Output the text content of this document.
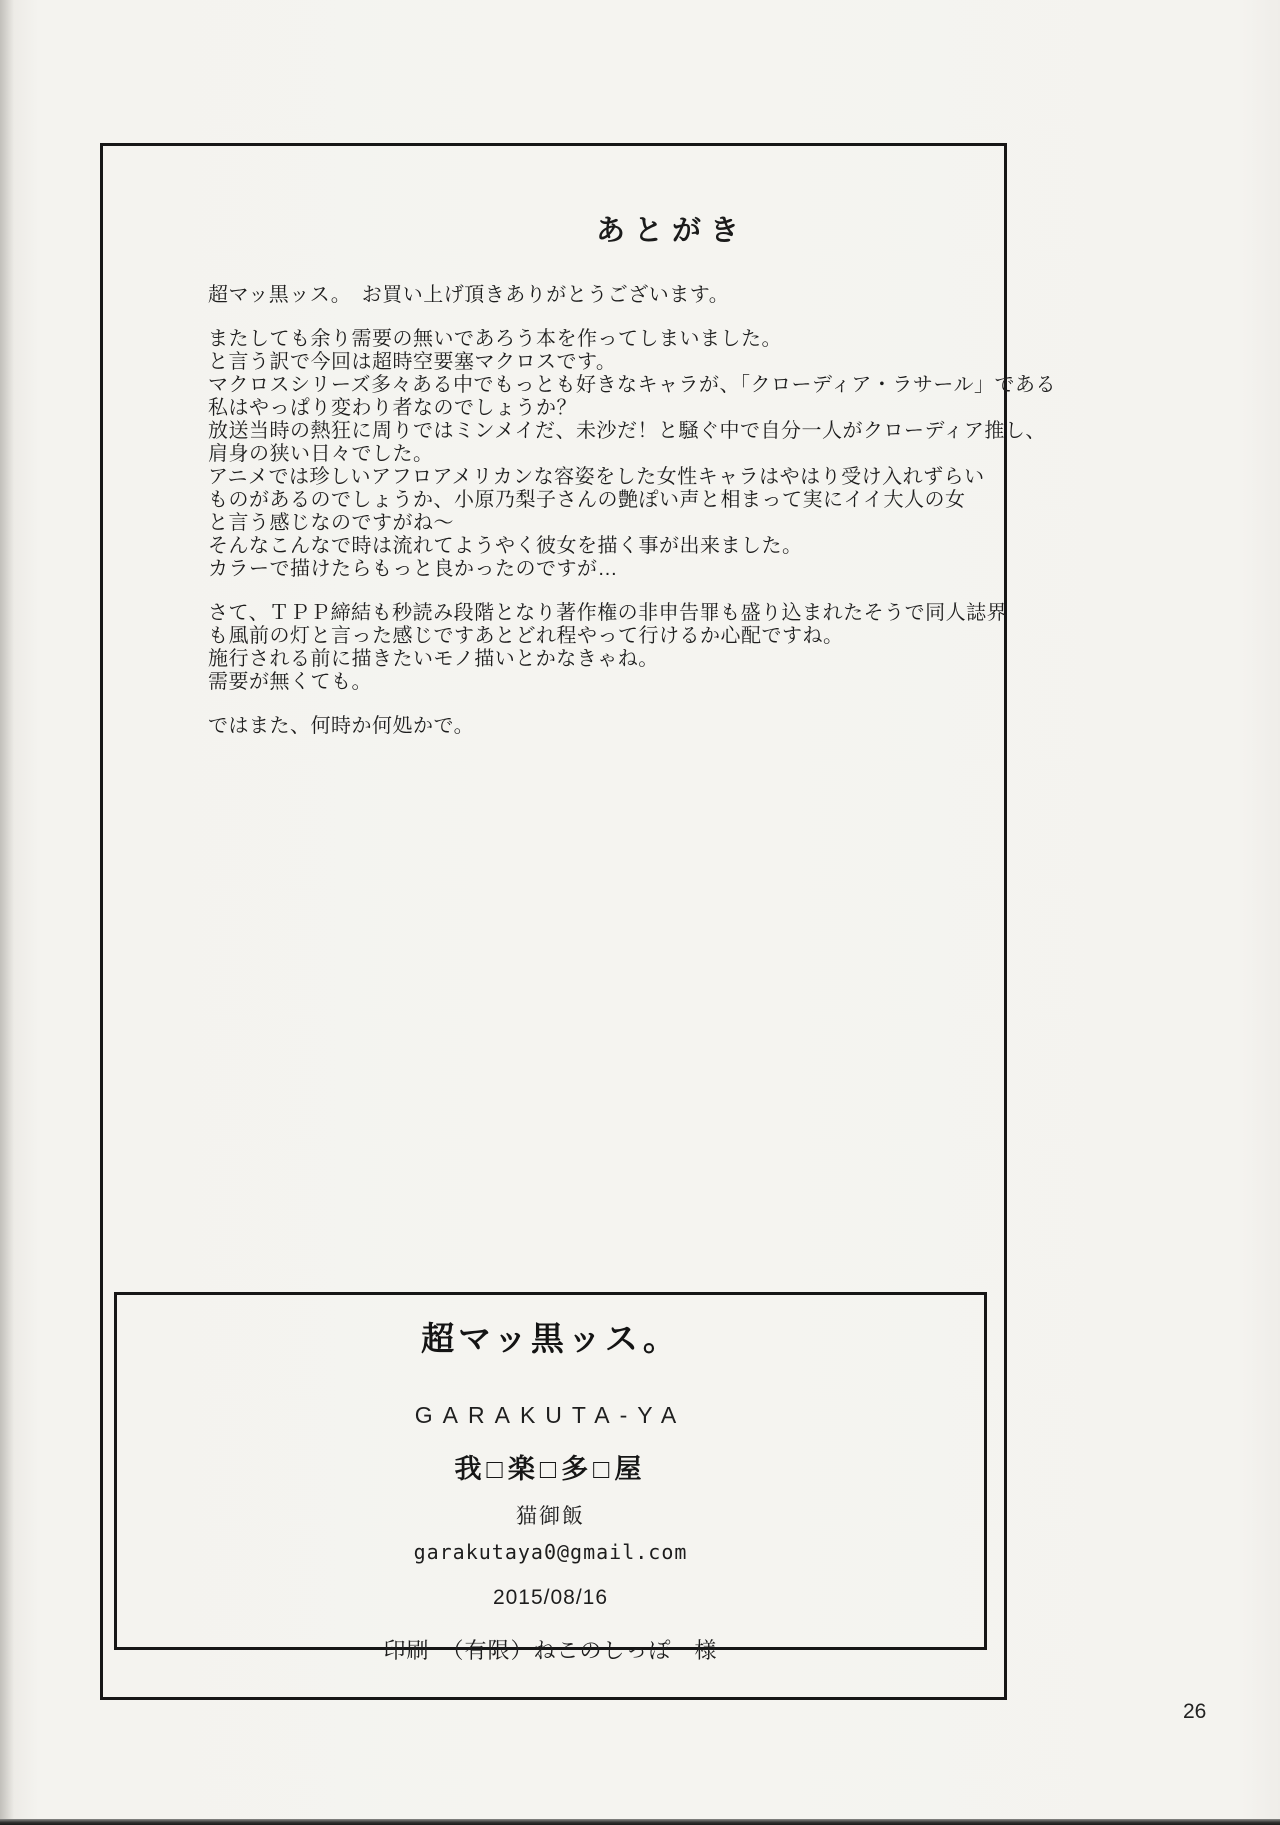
あとがき
超マッ黒ッス。　お買い上げ頂きありがとうございます。
またしても余り需要の無いであろう本を作ってしまいました。
と言う訳で今回は超時空要塞マクロスです。
マクロスシリーズ多々ある中でもっとも好きなキャラが、「クローディア・ラサール」である
私はやっぱり変わり者なのでしょうか？
放送当時の熱狂に周りではミンメイだ、未沙だ！と騒ぐ中で自分一人がクローディア推し、
肩身の狭い日々でした。
アニメでは珍しいアフロアメリカンな容姿をした女性キャラはやはり受け入れずらい
ものがあるのでしょうか、小原乃梨子さんの艶ぽい声と相まって実にイイ大人の女
と言う感じなのですがね〜
そんなこんなで時は流れてようやく彼女を描く事が出来ました。
カラーで描けたらもっと良かったのですが…
さて、ＴＰＰ締結も秒読み段階となり著作権の非申告罪も盛り込まれたそうで同人誌界
も風前の灯と言った感じですあとどれ程やって行けるか心配ですね。
施行される前に描きたいモノ描いとかなきゃね。
需要が無くても。
ではまた、何時か何処かで。
超マッ黒ッス。
GARAKUTA-YA
我□楽□多□屋
猫御飯
garakutaya0@gmail.com
2015/08/16
印刷　（有限）ねこのしっぽ　様
26
